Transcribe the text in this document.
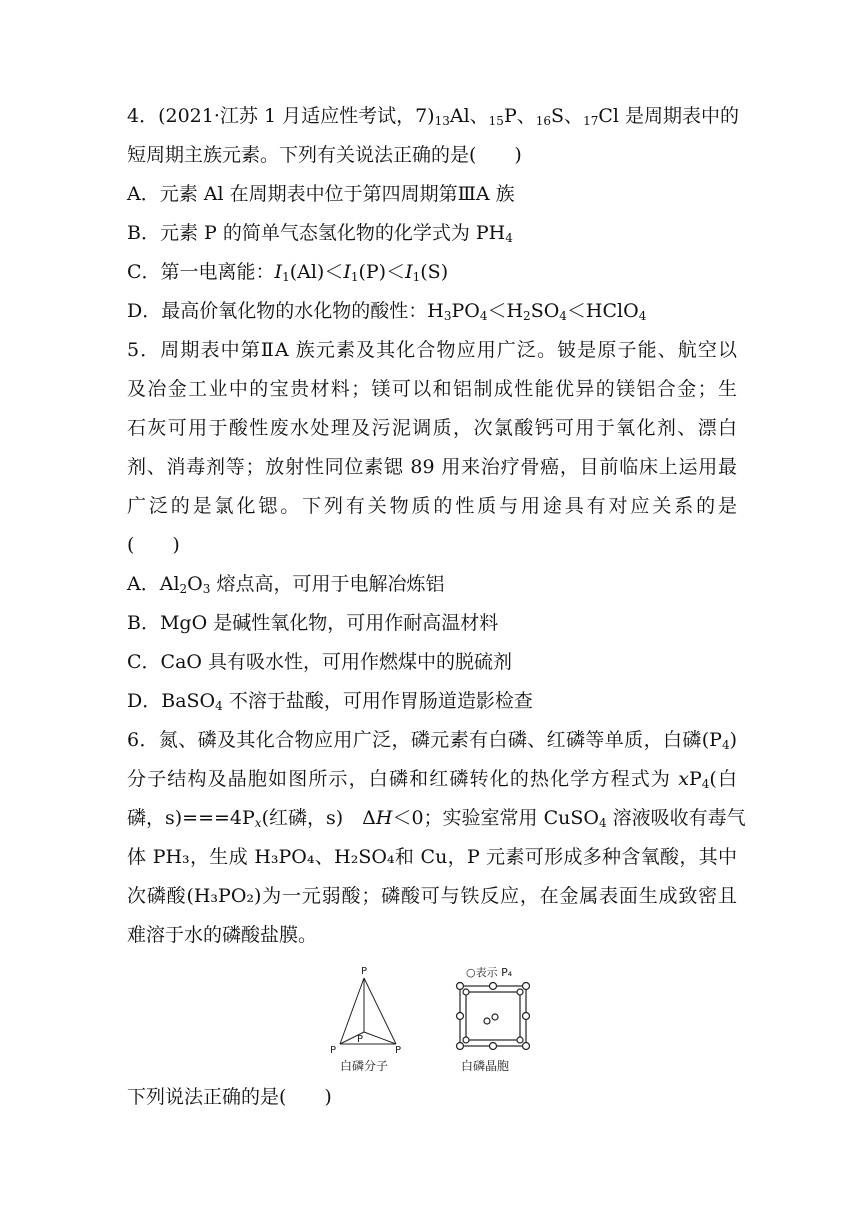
4．(2021·江苏 1 月适应性考试，$7)_{13}Al$、$_{15}$P、$_{16}$S、$_{17}$Cl 是周期表中的
短周期主族元素。下列有关说法正确的是(　　)
A．元素 Al 在周期表中位于第四周期第ⅢA 族
B．元素 P 的简单气态氢化物的化学式为 $PH_4$
C．第一电离能：$I_1(Al)<I_1(P)<I_1(S)$
D．最高价氧化物的水化物的酸性：$H_3PO_4<H_2SO_4<HClO_4$
5．周期表中第ⅡA 族元素及其化合物应用广泛。铍是原子能、航空以
及冶金工业中的宝贵材料；镁可以和铝制成性能优异的镁铝合金；生
石灰可用于酸性废水处理及污泥调质，次氯酸钙可用于氧化剂、漂白
剂、消毒剂等；放射性同位素锶 89 用来治疗骨癌，目前临床上运用最
广泛的是氯化锶。下列有关物质的性质与用途具有对应关系的是
(　　)
A．$Al_2O_3$ 熔点高，可用于电解冶炼铝
B．MgO 是碱性氧化物，可用作耐高温材料
C．CaO 具有吸水性，可用作燃煤中的脱硫剂
D．BaSO$_4$ 不溶于盐酸，可用作胃肠道造影检查
6．氮、磷及其化合物应用广泛，磷元素有白磷、红磷等单质，白磷$(P_4)$
分子结构及晶胞如图所示，白磷和红磷转化的热化学方程式为 $xP_4$(白
磷，$s)===4P_x$(红磷，s)　ΔH＜0；实验室常用 CuSO$_4$ 溶液吸收有毒气
体 PH₃，生成 H₃PO₄、H₂SO₄和 Cu，P 元素可形成多种含氧酸，其中
次磷酸(H₃PO₂)为一元弱酸；磷酸可与铁反应，在金属表面生成致密且
难溶于水的磷酸盐膜。
P
P
P	P
白磷分子
○表示 P₄
白磷晶胞
下列说法正确的是(　　)
